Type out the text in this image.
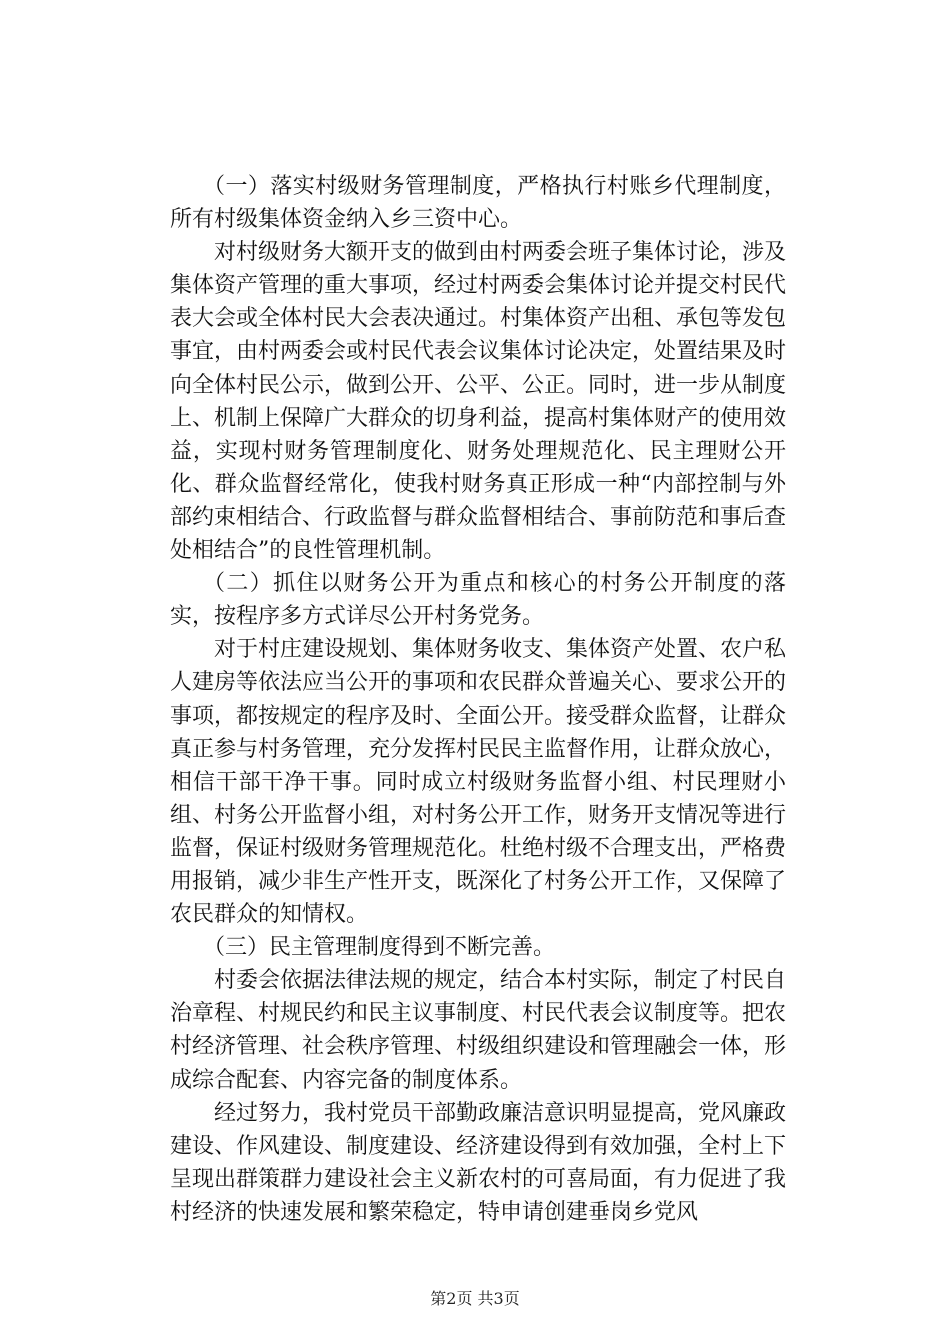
（一）落实村级财务管理制度，严格执行村账乡代理制度，所有村级集体资金纳入乡三资中心。

对村级财务大额开支的做到由村两委会班子集体讨论，涉及集体资产管理的重大事项，经过村两委会集体讨论并提交村民代表大会或全体村民大会表决通过。村集体资产出租、承包等发包事宜，由村两委会或村民代表会议集体讨论决定，处置结果及时向全体村民公示，做到公开、公平、公正。同时，进一步从制度上、机制上保障广大群众的切身利益，提高村集体财产的使用效益，实现村财务管理制度化、财务处理规范化、民主理财公开化、群众监督经常化，使我村财务真正形成一种“内部控制与外部约束相结合、行政监督与群众监督相结合、事前防范和事后查处相结合”的良性管理机制。

（二）抓住以财务公开为重点和核心的村务公开制度的落实，按程序多方式详尽公开村务党务。

对于村庄建设规划、集体财务收支、集体资产处置、农户私人建房等依法应当公开的事项和农民群众普遍关心、要求公开的事项，都按规定的程序及时、全面公开。接受群众监督，让群众真正参与村务管理，充分发挥村民民主监督作用，让群众放心，相信干部干净干事。同时成立村级财务监督小组、村民理财小组、村务公开监督小组，对村务公开工作，财务开支情况等进行监督，保证村级财务管理规范化。杜绝村级不合理支出，严格费用报销，减少非生产性开支，既深化了村务公开工作，又保障了农民群众的知情权。

（三）民主管理制度得到不断完善。

村委会依据法律法规的规定，结合本村实际，制定了村民自治章程、村规民约和民主议事制度、村民代表会议制度等。把农村经济管理、社会秩序管理、村级组织建设和管理融会一体，形成综合配套、内容完备的制度体系。

经过努力，我村党员干部勤政廉洁意识明显提高，党风廉政建设、作风建设、制度建设、经济建设得到有效加强，全村上下呈现出群策群力建设社会主义新农村的可喜局面，有力促进了我村经济的快速发展和繁荣稳定，特申请创建垂岗乡党风

第2页 共3页
